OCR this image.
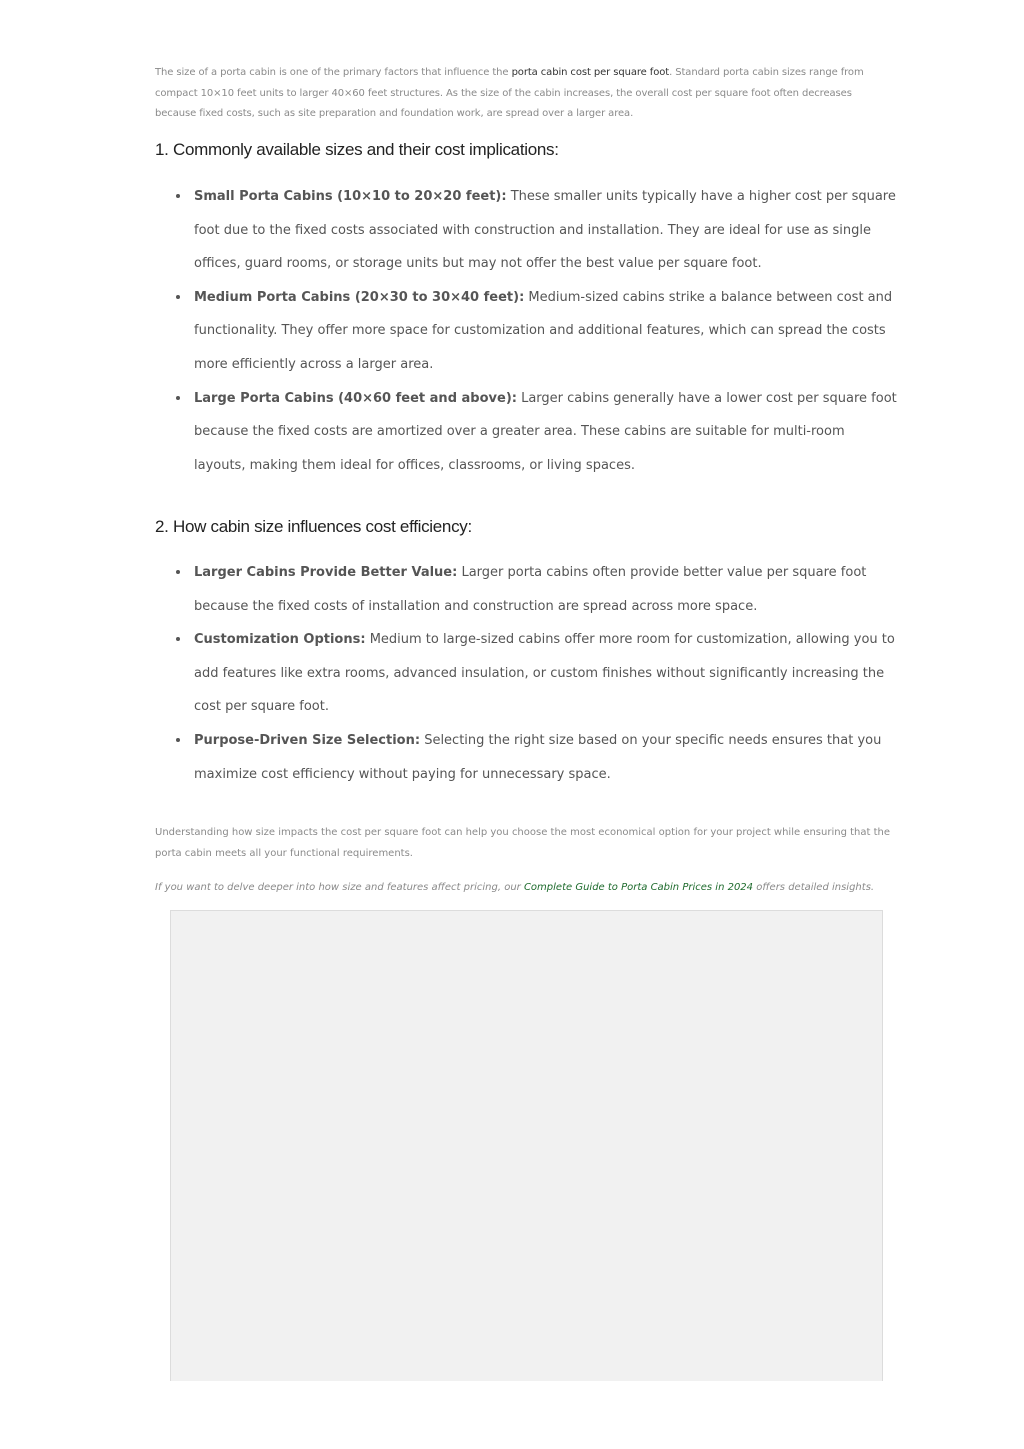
The size of a porta cabin is one of the primary factors that influence the porta cabin cost per square foot. Standard porta cabin sizes range from compact 10×10 feet units to larger 40×60 feet structures. As the size of the cabin increases, the overall cost per square foot often decreases because fixed costs, such as site preparation and foundation work, are spread over a larger area.

1. Commonly available sizes and their cost implications:
Small Porta Cabins (10×10 to 20×20 feet): These smaller units typically have a higher cost per square foot due to the fixed costs associated with construction and installation. They are ideal for use as single offices, guard rooms, or storage units but may not offer the best value per square foot.
Medium Porta Cabins (20×30 to 30×40 feet): Medium-sized cabins strike a balance between cost and functionality. They offer more space for customization and additional features, which can spread the costs more efficiently across a larger area.
Large Porta Cabins (40×60 feet and above): Larger cabins generally have a lower cost per square foot because the fixed costs are amortized over a greater area. These cabins are suitable for multi-room layouts, making them ideal for offices, classrooms, or living spaces.
2. How cabin size influences cost efficiency:
Larger Cabins Provide Better Value: Larger porta cabins often provide better value per square foot because the fixed costs of installation and construction are spread across more space.
Customization Options: Medium to large-sized cabins offer more room for customization, allowing you to add features like extra rooms, advanced insulation, or custom finishes without significantly increasing the cost per square foot.
Purpose-Driven Size Selection: Selecting the right size based on your specific needs ensures that you maximize cost efficiency without paying for unnecessary space.

Understanding how size impacts the cost per square foot can help you choose the most economical option for your project while ensuring that the porta cabin meets all your functional requirements.

If you want to delve deeper into how size and features affect pricing, our Complete Guide to Porta Cabin Prices in 2024 offers detailed insights.
